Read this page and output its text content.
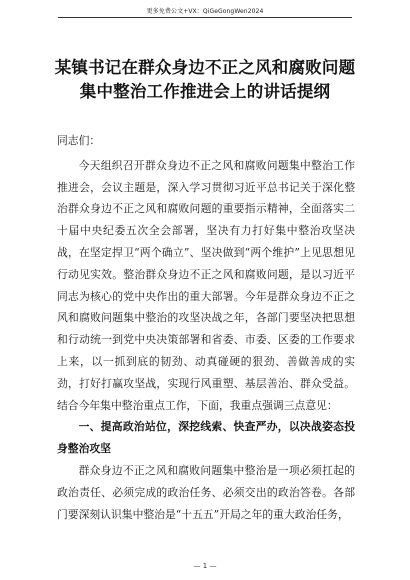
更多免费公文+VX：QiGeGongWen2024
某镇书记在群众身边不正之风和腐败问题
集中整治工作推进会上的讲话提纲

同志们：

今天组织召开群众身边不正之风和腐败问题集中整治工作推进会，会议主题是，深入学习贯彻习近平总书记关于深化整治群众身边不正之风和腐败问题的重要指示精神，全面落实二十届中央纪委五次全会部署，坚决有力打好集中整治攻坚决战，在坚定捍卫“两个确立”、坚决做到“两个维护”上见思想见行动见实效。整治群众身边不正之风和腐败问题，是以习近平同志为核心的党中央作出的重大部署。今年是群众身边不正之风和腐败问题集中整治的攻坚决战之年，各部门要坚决把思想和行动统一到党中央决策部署和省委、市委、区委的工作要求上来，以一抓到底的韧劲、动真碰硬的狠劲、善做善成的实劲，打好打赢攻坚战，实现行风重塑、基层善治、群众受益。结合今年集中整治重点工作，下面，我重点强调三点意见：

一、提高政治站位，深挖线索、快查严办，以决战姿态投身整治攻坚

群众身边不正之风和腐败问题集中整治是一项必须扛起的政治责任、必须完成的政治任务、必须交出的政治答卷。各部门要深刻认识集中整治是“十五五”开局之年的重大政治任务，

— 1 —
